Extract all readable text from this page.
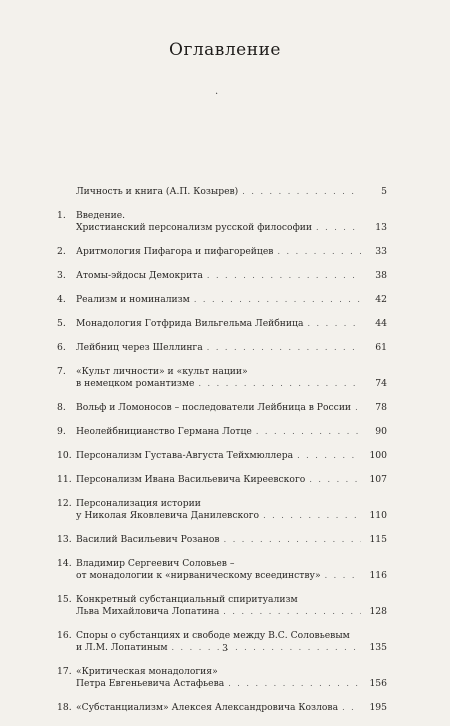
Оглавление
.
Личность и книга (А.П. Козырев) . . .	5
1.	Введение.
Христианский персонализм русской философии . . .	13
2.	Аритмология Пифагора и пифагорейцев . . .	33
3.	Атомы-эйдосы Демокрита . . .	38
4.	Реализм и номинализм . . .	42
5.	Монадология Готфрида Вильгельма Лейбница . . .	44
6.	Лейбниц через Шеллинга . . .	61
7.	«Культ личности» и «культ нации»
в немецком романтизме . . .	74
8.	Вольф и Ломоносов – последователи Лейбница в России . . .	78
9.	Неолейбницианство Германа Лотце . . .	90
10. Персонализм Густава-Августа Тейхмюллера . . .	100
11. Персонализм Ивана Васильевича Киреевского . . .	107
12. Персонализация истории
у Николая Яковлевича Данилевского . . .	110
13. Василий Васильевич Розанов . . .	115
14. Владимир Сергеевич Соловьев –
от монадологии к «нирваническому всеединству» . . .	116
15. Конкретный субстанциальный спиритуализм
Льва Михайловича Лопатина . . .	128
16. Споры о субстанциях и свободе между В.С. Соловьевым
и Л.М. Лопатиным . . .	135
17. «Критическая монадология»
Петра Евгеньевича Астафьева . . .	156
18. «Субстанциализм» Алексея Александровича Козлова . . .	195
3
